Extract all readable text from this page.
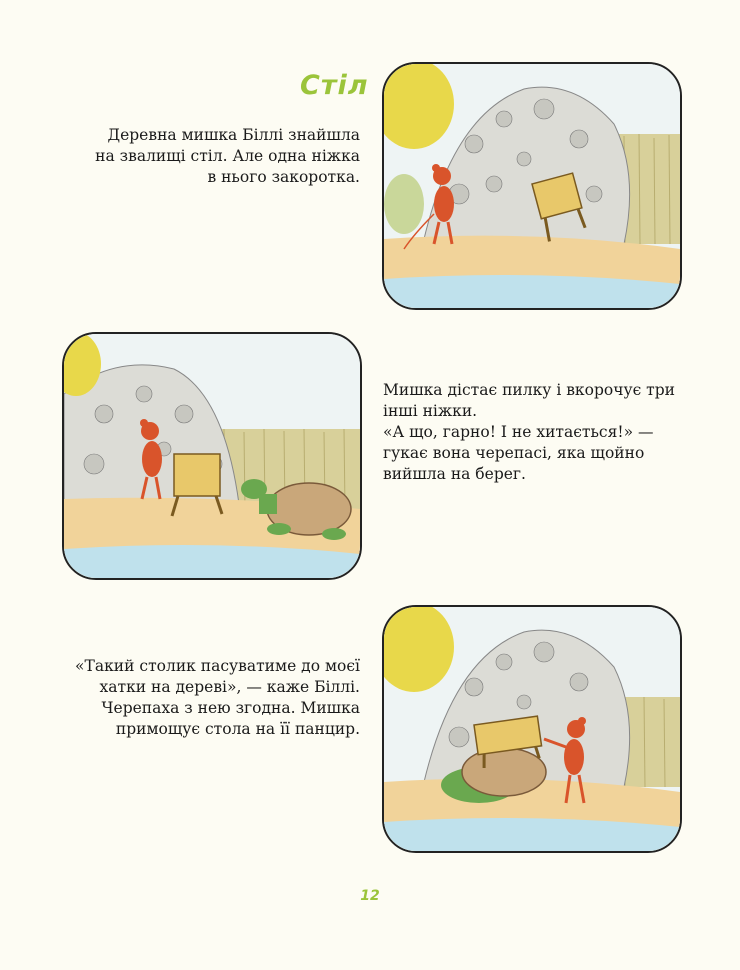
Стіл

Деревна мишка Біллі знайшла
на звалищі стіл. Але одна ніжка
в нього закоротка.

Мишка дістає пилку і вкорочує три
інші ніжки.
«А що, гарно! І не хитається!» —
гукає вона черепасі, яка щойно
вийшла на берег.

«Такий столик пасуватиме до моєї
хатки на дереві», — каже Біллі.
Черепаха з нею згодна. Мишка
примощує стола на її панцир.

12
